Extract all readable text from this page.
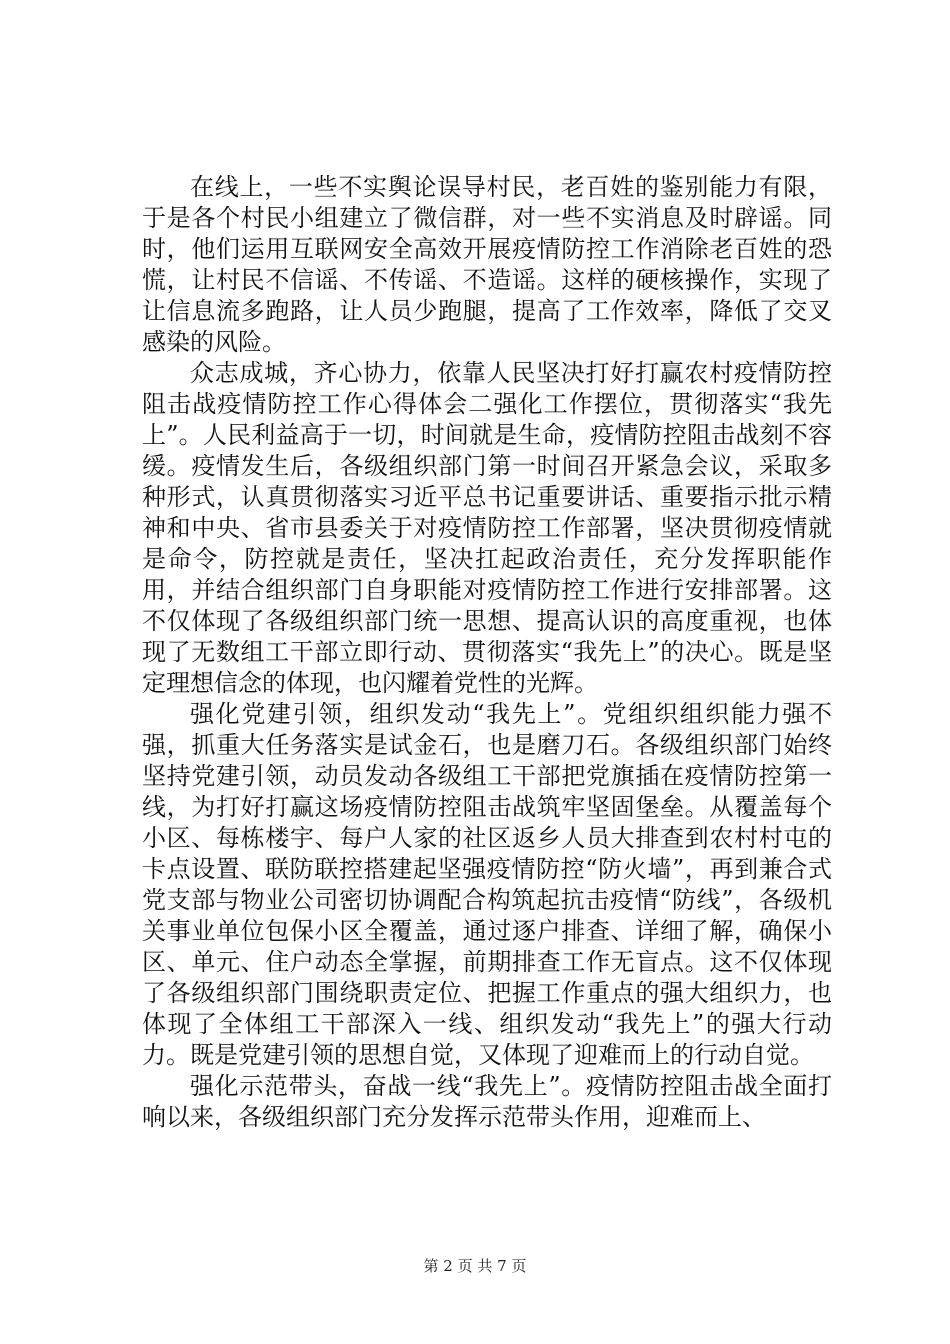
在线上，一些不实舆论误导村民，老百姓的鉴别能力有限，于是各个村民小组建立了微信群，对一些不实消息及时辟谣。同时，他们运用互联网安全高效开展疫情防控工作消除老百姓的恐慌，让村民不信谣、不传谣、不造谣。这样的硬核操作，实现了让信息流多跑路，让人员少跑腿，提高了工作效率，降低了交叉感染的风险。

众志成城，齐心协力，依靠人民坚决打好打赢农村疫情防控阻击战疫情防控工作心得体会二强化工作摆位，贯彻落实“我先上”。人民利益高于一切，时间就是生命，疫情防控阻击战刻不容缓。疫情发生后，各级组织部门第一时间召开紧急会议，采取多种形式，认真贯彻落实习近平总书记重要讲话、重要指示批示精神和中央、省市县委关于对疫情防控工作部署，坚决贯彻疫情就是命令，防控就是责任，坚决扛起政治责任，充分发挥职能作用，并结合组织部门自身职能对疫情防控工作进行安排部署。这不仅体现了各级组织部门统一思想、提高认识的高度重视，也体现了无数组工干部立即行动、贯彻落实“我先上”的决心。既是坚定理想信念的体现，也闪耀着党性的光辉。

强化党建引领，组织发动“我先上”。党组织组织能力强不强，抓重大任务落实是试金石，也是磨刀石。各级组织部门始终坚持党建引领，动员发动各级组工干部把党旗插在疫情防控第一线，为打好打赢这场疫情防控阻击战筑牢坚固堡垒。从覆盖每个小区、每栋楼宇、每户人家的社区返乡人员大排查到农村村屯的卡点设置、联防联控搭建起坚强疫情防控“防火墙”，再到兼合式党支部与物业公司密切协调配合构筑起抗击疫情“防线”，各级机关事业单位包保小区全覆盖，通过逐户排查、详细了解，确保小区、单元、住户动态全掌握，前期排查工作无盲点。这不仅体现了各级组织部门围绕职责定位、把握工作重点的强大组织力，也体现了全体组工干部深入一线、组织发动“我先上”的强大行动力。既是党建引领的思想自觉，又体现了迎难而上的行动自觉。

强化示范带头，奋战一线“我先上”。疫情防控阻击战全面打响以来，各级组织部门充分发挥示范带头作用，迎难而上、

第 2 页 共 7 页
